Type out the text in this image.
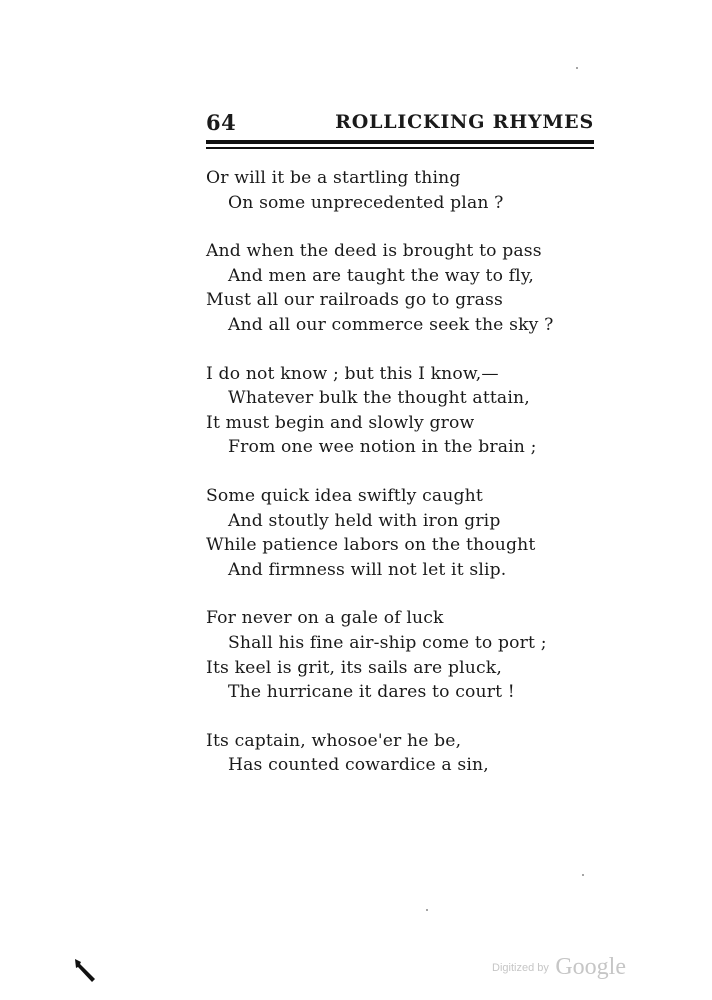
64	ROLLICKING RHYMES
Or will it be a startling thing
On some unprecedented plan ?
And when the deed is brought to pass
And men are taught the way to fly,
Must all our railroads go to grass
And all our commerce seek the sky ?
I do not know ; but this I know,—
Whatever bulk the thought attain,
It must begin and slowly grow
From one wee notion in the brain ;
Some quick idea swiftly caught
And stoutly held with iron grip
While patience labors on the thought
And firmness will not let it slip.
For never on a gale of luck
Shall his fine air-ship come to port ;
Its keel is grit, its sails are pluck,
The hurricane it dares to court !
Its captain, whosoe'er he be,
Has counted cowardice a sin,
Digitized by Google
